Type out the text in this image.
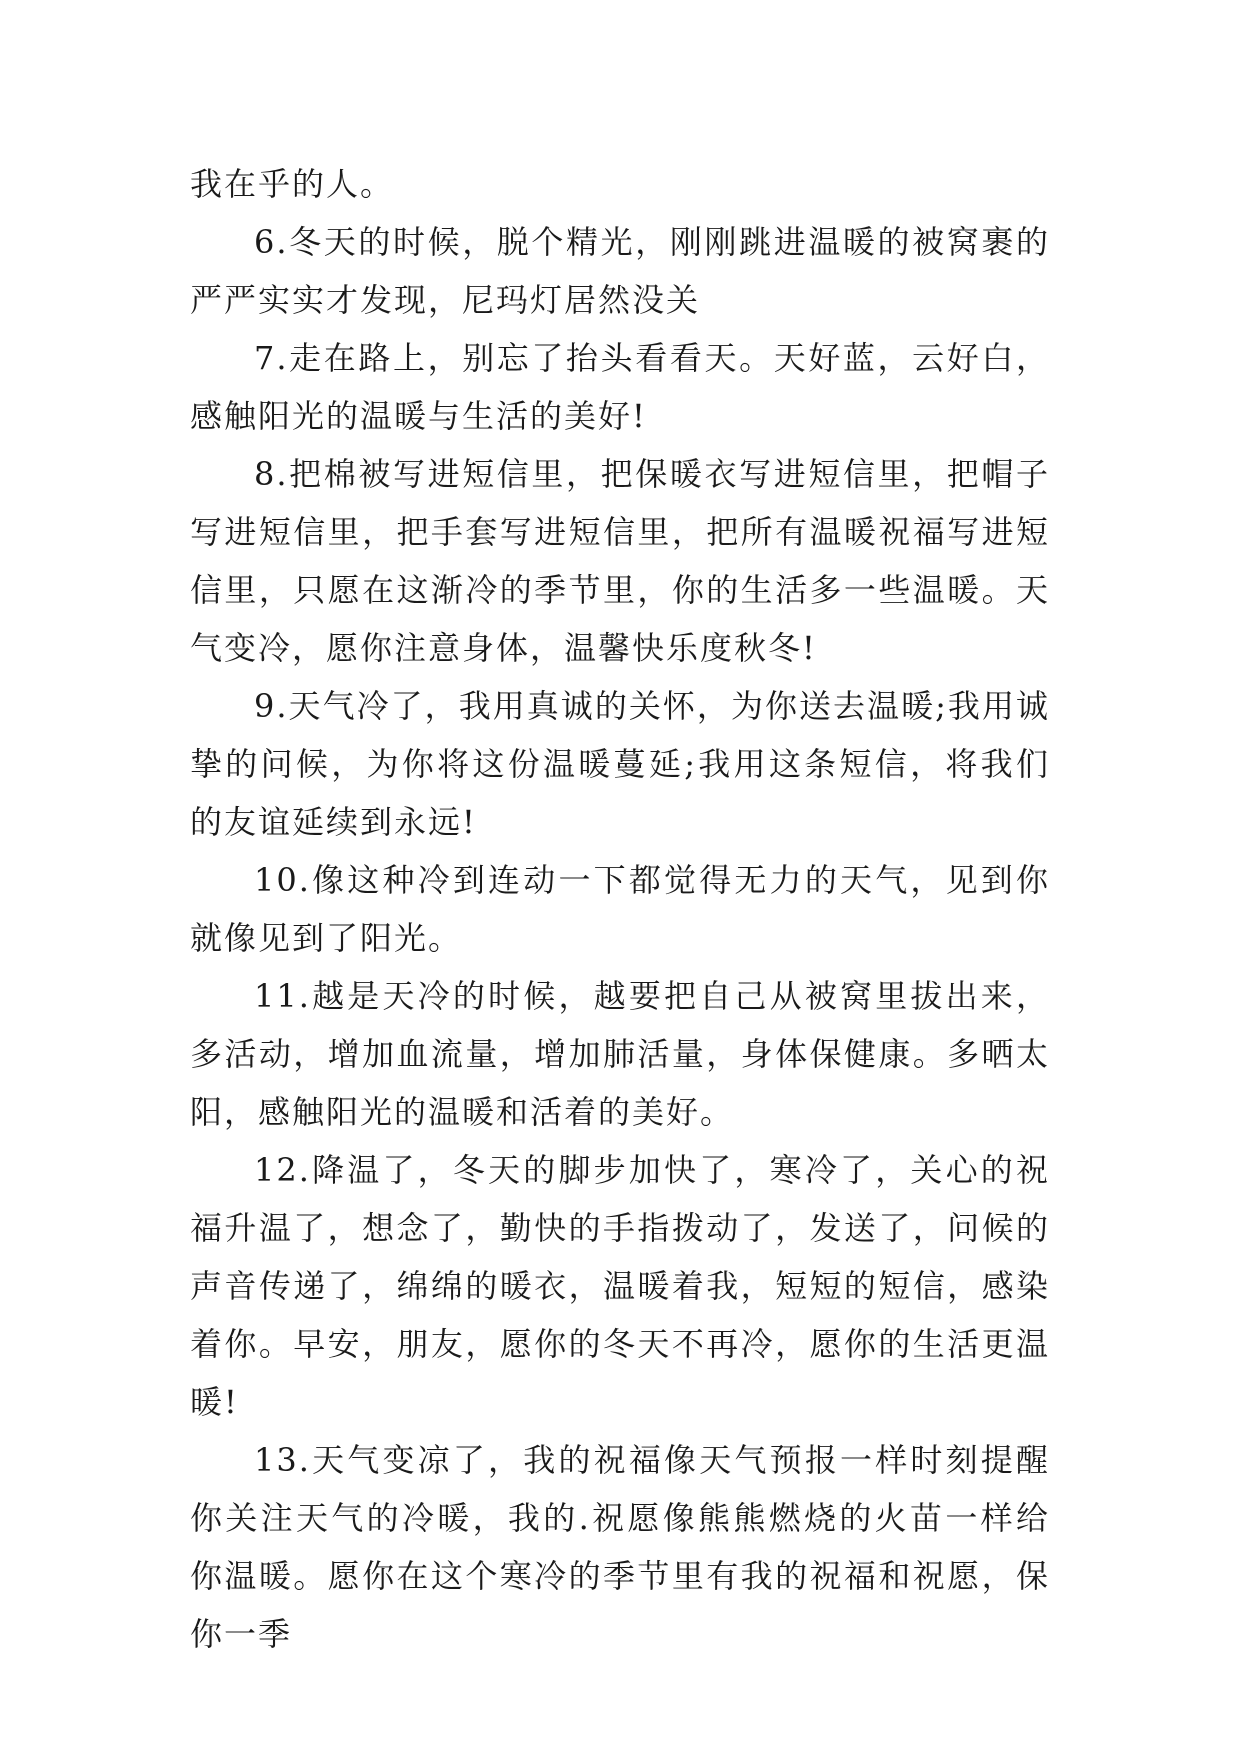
我在乎的人。

6.冬天的时候，脱个精光，刚刚跳进温暖的被窝裹的严严实实才发现，尼玛灯居然没关

7.走在路上，别忘了抬头看看天。天好蓝，云好白，感触阳光的温暖与生活的美好!

8.把棉被写进短信里，把保暖衣写进短信里，把帽子写进短信里，把手套写进短信里，把所有温暖祝福写进短信里，只愿在这渐冷的季节里，你的生活多一些温暖。天气变冷，愿你注意身体，温馨快乐度秋冬!

9.天气冷了，我用真诚的关怀，为你送去温暖;我用诚挚的问候，为你将这份温暖蔓延;我用这条短信，将我们的友谊延续到永远!

10.像这种冷到连动一下都觉得无力的天气，见到你就像见到了阳光。

11.越是天冷的时候，越要把自己从被窝里拔出来，多活动，增加血流量，增加肺活量，身体保健康。多晒太阳，感触阳光的温暖和活着的美好。

12.降温了，冬天的脚步加快了，寒冷了，关心的祝福升温了，想念了，勤快的手指拨动了，发送了，问候的声音传递了，绵绵的暖衣，温暖着我，短短的短信，感染着你。早安，朋友，愿你的冬天不再冷，愿你的生活更温暖!

13.天气变凉了，我的祝福像天气预报一样时刻提醒你关注天气的冷暖，我的.祝愿像熊熊燃烧的火苗一样给你温暖。愿你在这个寒冷的季节里有我的祝福和祝愿，保你一季
